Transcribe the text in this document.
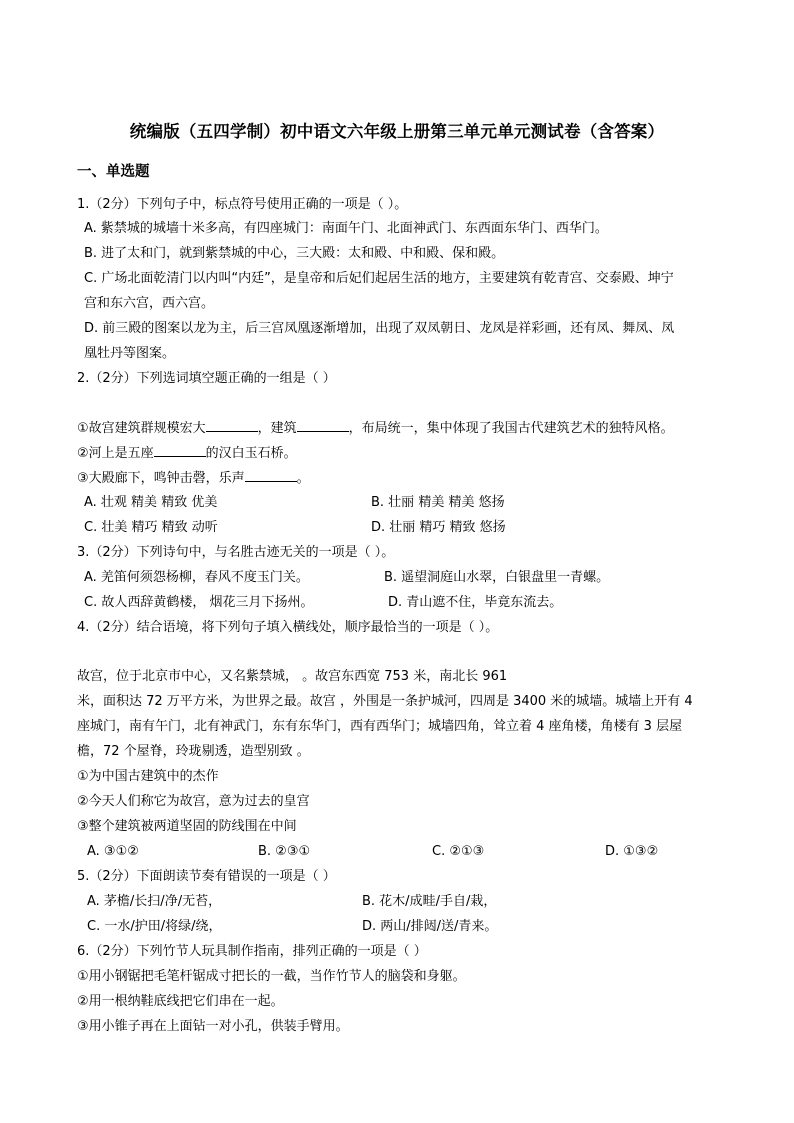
统编版（五四学制）初中语文六年级上册第三单元单元测试卷（含答案）
一、单选题
1.（2分）下列句子中，标点符号使用正确的一项是（ ）。
A. 紫禁城的城墙十米多高，有四座城门：南面午门、北面神武门、东西面东华门、西华门。
B. 进了太和门，就到紫禁城的中心，三大殿：太和殿、中和殿、保和殿。
C. 广场北面乾清门以内叫“内廷”，是皇帝和后妃们起居生活的地方，主要建筑有乾青宫、交泰殿、坤宁
宫和东六宫，西六宫。
D. 前三殿的图案以龙为主，后三宫凤凰逐渐增加，出现了双凤朝日、龙凤是祥彩画，还有凤、舞凤、凤
凰牡丹等图案。
2.（2分）下列选词填空题正确的一组是（ ）
①故宫建筑群规模宏大	，建筑	，布局统一，集中体现了我国古代建筑艺术的独特风格。
②河上是五座	的汉白玉石桥。
③大殿廊下，鸣钟击磬，乐声	。
A. 壮观 精美 精致 优美	B. 壮丽 精美 精美 悠扬
C. 壮美 精巧 精致 动听	D. 壮丽 精巧 精致 悠扬
3.（2分）下列诗句中，与名胜古迹无关的一项是（ ）。
A. 羌笛何须怨杨柳，春风不度玉门关。	B. 遥望洞庭山水翠，白银盘里一青螺。
C. 故人西辞黄鹤楼， 烟花三月下扬州。	D. 青山遮不住，毕竟东流去。
4.（2分）结合语境，将下列句子填入横线处，顺序最恰当的一项是（ ）。
故宫，位于北京市中心，又名紫禁城， 。故宫东西宽 753 米，南北长 961
米，面积达 72 万平方米，为世界之最。故宫 ，外围是一条护城河，四周是 3400 米的城墙。城墙上开有 4
座城门，南有午门，北有神武门，东有东华门，西有西华门；城墙四角，耸立着 4 座角楼，角楼有 3 层屋
檐，72 个屋脊，玲珑剔透，造型别致 。
①为中国古建筑中的杰作
②今天人们称它为故宫，意为过去的皇宫
③整个建筑被两道坚固的防线围在中间
A. ③①②	B. ②③①	C. ②①③	D. ①③②
5.（2分）下面朗读节奏有错误的一项是（ ）
A. 茅檐/长扫/净/无苔，	B. 花木/成畦/手自/栽，
C. 一水/护田/将绿/绕，	D. 两山/排闼/送/青来。
6.（2分）下列竹节人玩具制作指南，排列正确的一项是（ ）
①用小钢锯把毛笔杆锯成寸把长的一截，当作竹节人的脑袋和身躯。
②用一根纳鞋底线把它们串在一起。
③用小锥子再在上面钻一对小孔，供装手臂用。
